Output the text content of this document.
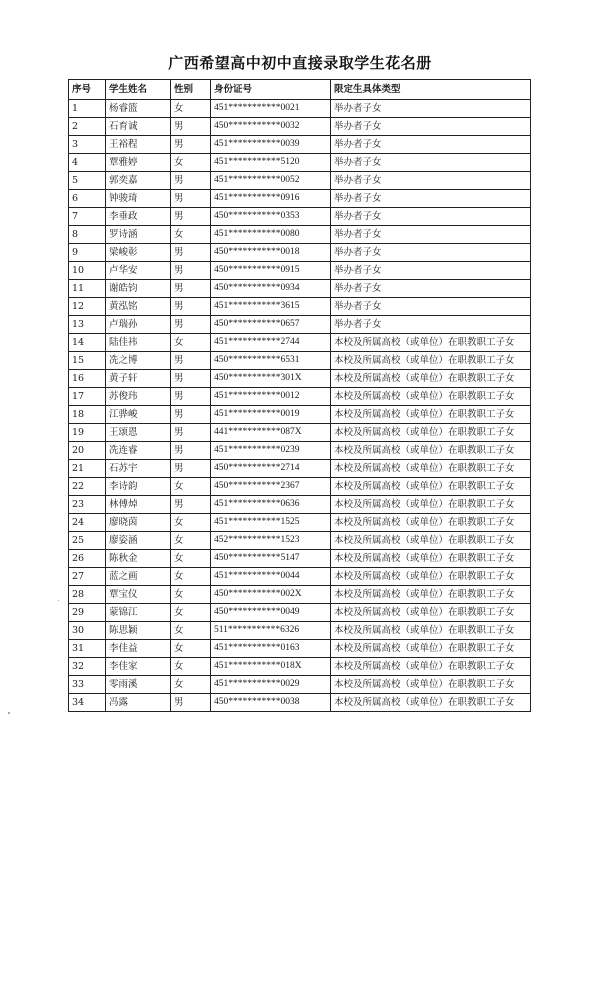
广西希望高中初中直接录取学生花名册
序号	学生姓名	性别	身份证号	限定生具体类型
1	杨睿篮	女	451***********0021	举办者子女
2	石育诚	男	450***********0032	举办者子女
3	王裕程	男	451***********0039	举办者子女
4	覃雅婷	女	451***********5120	举办者子女
5	郭奕嘉	男	451***********0052	举办者子女
6	钟骏琦	男	451***********0916	举办者子女
7	李垂政	男	450***********0353	举办者子女
8	罗诗涵	女	451***********0080	举办者子女
9	梁峻彰	男	450***********0018	举办者子女
10	卢华安	男	450***********0915	举办者子女
11	谢皓钧	男	450***********0934	举办者子女
12	黄泓铭	男	451***********3615	举办者子女
13	卢瑞孙	男	450***********0657	举办者子女
14	陆佳祎	女	451***********2744	本校及所属高校（或单位）在职教职工子女
15	冼之博	男	450***********6531	本校及所属高校（或单位）在职教职工子女
16	黄子轩	男	450***********301X	本校及所属高校（或单位）在职教职工子女
17	苏俊玮	男	451***********0012	本校及所属高校（或单位）在职教职工子女
18	江骅峻	男	451***********0019	本校及所属高校（或单位）在职教职工子女
19	王颂恩	男	441***********087X	本校及所属高校（或单位）在职教职工子女
20	冼连睿	男	451***********0239	本校及所属高校（或单位）在职教职工子女
21	石苏宇	男	450***********2714	本校及所属高校（或单位）在职教职工子女
22	李诗韵	女	450***********2367	本校及所属高校（或单位）在职教职工子女
23	林傅焯	男	451***********0636	本校及所属高校（或单位）在职教职工子女
24	廖晓茵	女	451***********1525	本校及所属高校（或单位）在职教职工子女
25	廖姿涵	女	452***********1523	本校及所属高校（或单位）在职教职工子女
26	陈秋金	女	450***********5147	本校及所属高校（或单位）在职教职工子女
27	蓝之画	女	451***********0044	本校及所属高校（或单位）在职教职工子女
28	覃宝仪	女	450***********002X	本校及所属高校（或单位）在职教职工子女
29	蒙锦江	女	450***********0049	本校及所属高校（或单位）在职教职工子女
30	陈思颖	女	511***********6326	本校及所属高校（或单位）在职教职工子女
31	李佳益	女	451***********0163	本校及所属高校（或单位）在职教职工子女
32	李佳家	女	451***********018X	本校及所属高校（或单位）在职教职工子女
33	零雨溪	女	451***********0029	本校及所属高校（或单位）在职教职工子女
34	冯露	男	450***********0038	本校及所属高校（或单位）在职教职工子女
